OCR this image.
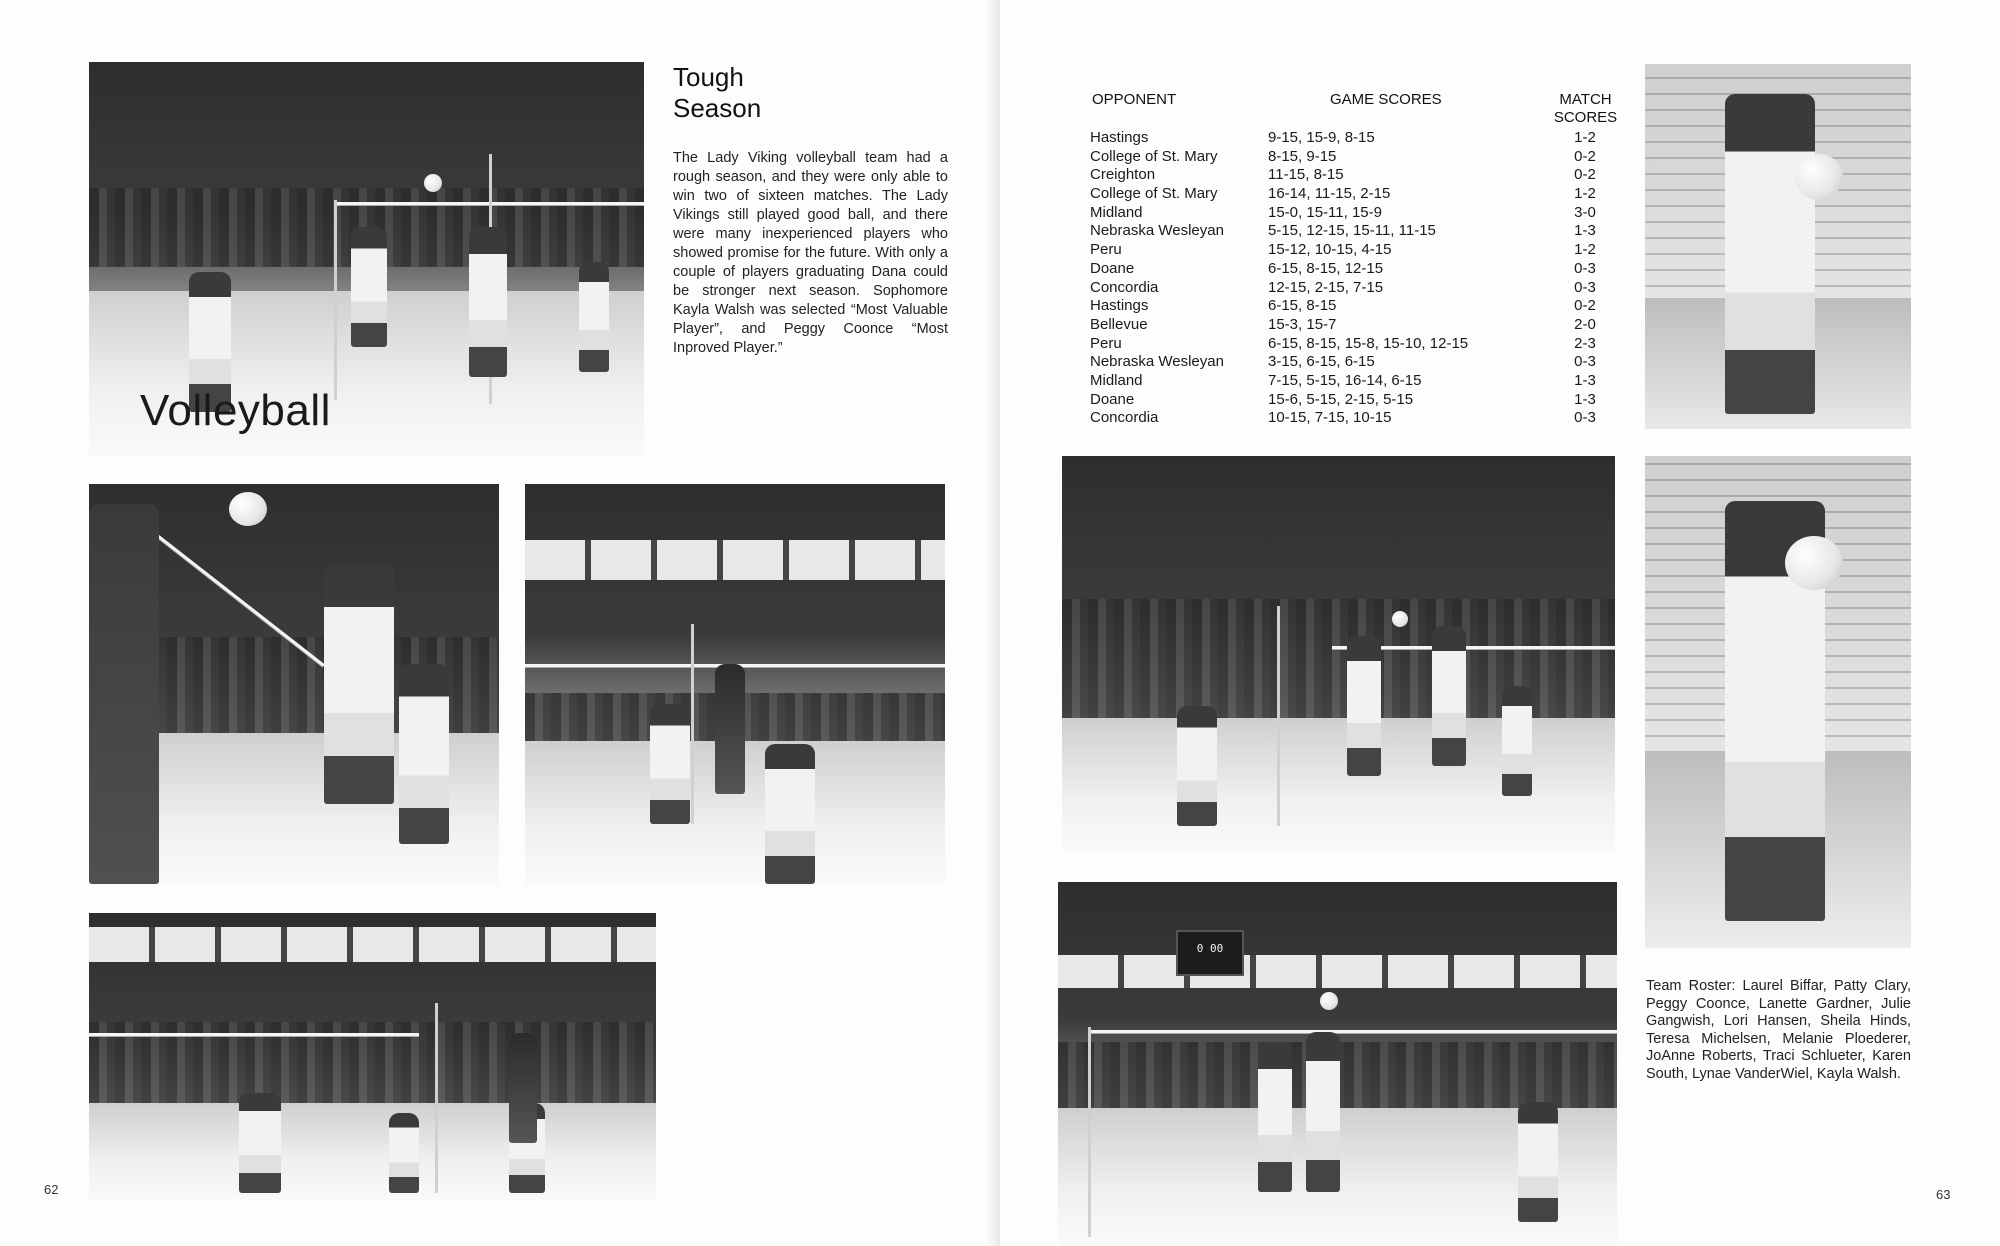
Volleyball
Tough
Season

The Lady Viking volleyball team had a rough season, and they were only able to win two of sixteen matches. The Lady Vikings still played good ball, and there were many inexperienced players who showed promise for the future. With only a couple of players graduating Dana could be stronger next season. Sophomore Kayla Walsh was selected “Most Valuable Player”, and Peggy Coonce “Most Inproved Player.”

62
OPPONENT	GAME SCORES	MATCH
SCORES
Hastings	9-15, 15-9, 8-15	1-2
College of St. Mary	8-15, 9-15	0-2
Creighton	11-15, 8-15	0-2
College of St. Mary	16-14, 11-15, 2-15	1-2
Midland	15-0, 15-11, 15-9	3-0
Nebraska Wesleyan	5-15, 12-15, 15-11, 11-15	1-3
Peru	15-12, 10-15, 4-15	1-2
Doane	6-15, 8-15, 12-15	0-3
Concordia	12-15, 2-15, 7-15	0-3
Hastings	6-15, 8-15	0-2
Bellevue	15-3, 15-7	2-0
Peru	6-15, 8-15, 15-8, 15-10, 12-15	2-3
Nebraska Wesleyan	3-15, 6-15, 6-15	0-3
Midland	7-15, 5-15, 16-14, 6-15	1-3
Doane	15-6, 5-15, 2-15, 5-15	1-3
Concordia	10-15, 7-15, 10-15	0-3
0 00

Team Roster: Laurel Biffar, Patty Clary, Peggy Coonce, Lanette Gardner, Julie Gangwish, Lori Hansen, Sheila Hinds, Teresa Michelsen, Melanie Ploederer, JoAnne Roberts, Traci Schlueter, Karen South, Lynae VanderWiel, Kayla Walsh.

63
